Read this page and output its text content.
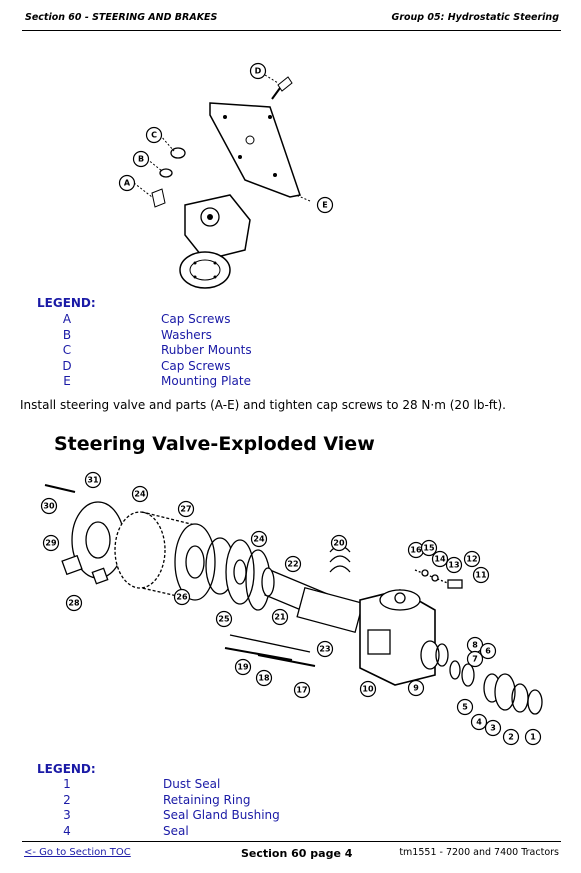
Section 60 - STEERING AND BRAKES	Group 05: Hydrostatic Steering
A
B
C
D
E
LEGEND:
A	Cap Screws
B	Washers
C	Rubber Mounts
D	Cap Screws
E	Mounting Plate
Install steering valve and parts (A-E) and tighten cap screws to 28 N·m (20 lb-ft).
Steering Valve-Exploded View
31
30
24
27
29
28
26
24
22
25	21
20
16 15
14
13
12
11
19
18
17
23
10	9
8
7
6
5
4
3
2 1
LEGEND:
1	Dust Seal
2	Retaining Ring
3	Seal Gland Bushing
4	Seal
<- Go to Section TOC	Section 60 page 4	tm1551 - 7200 and 7400 Tractors
